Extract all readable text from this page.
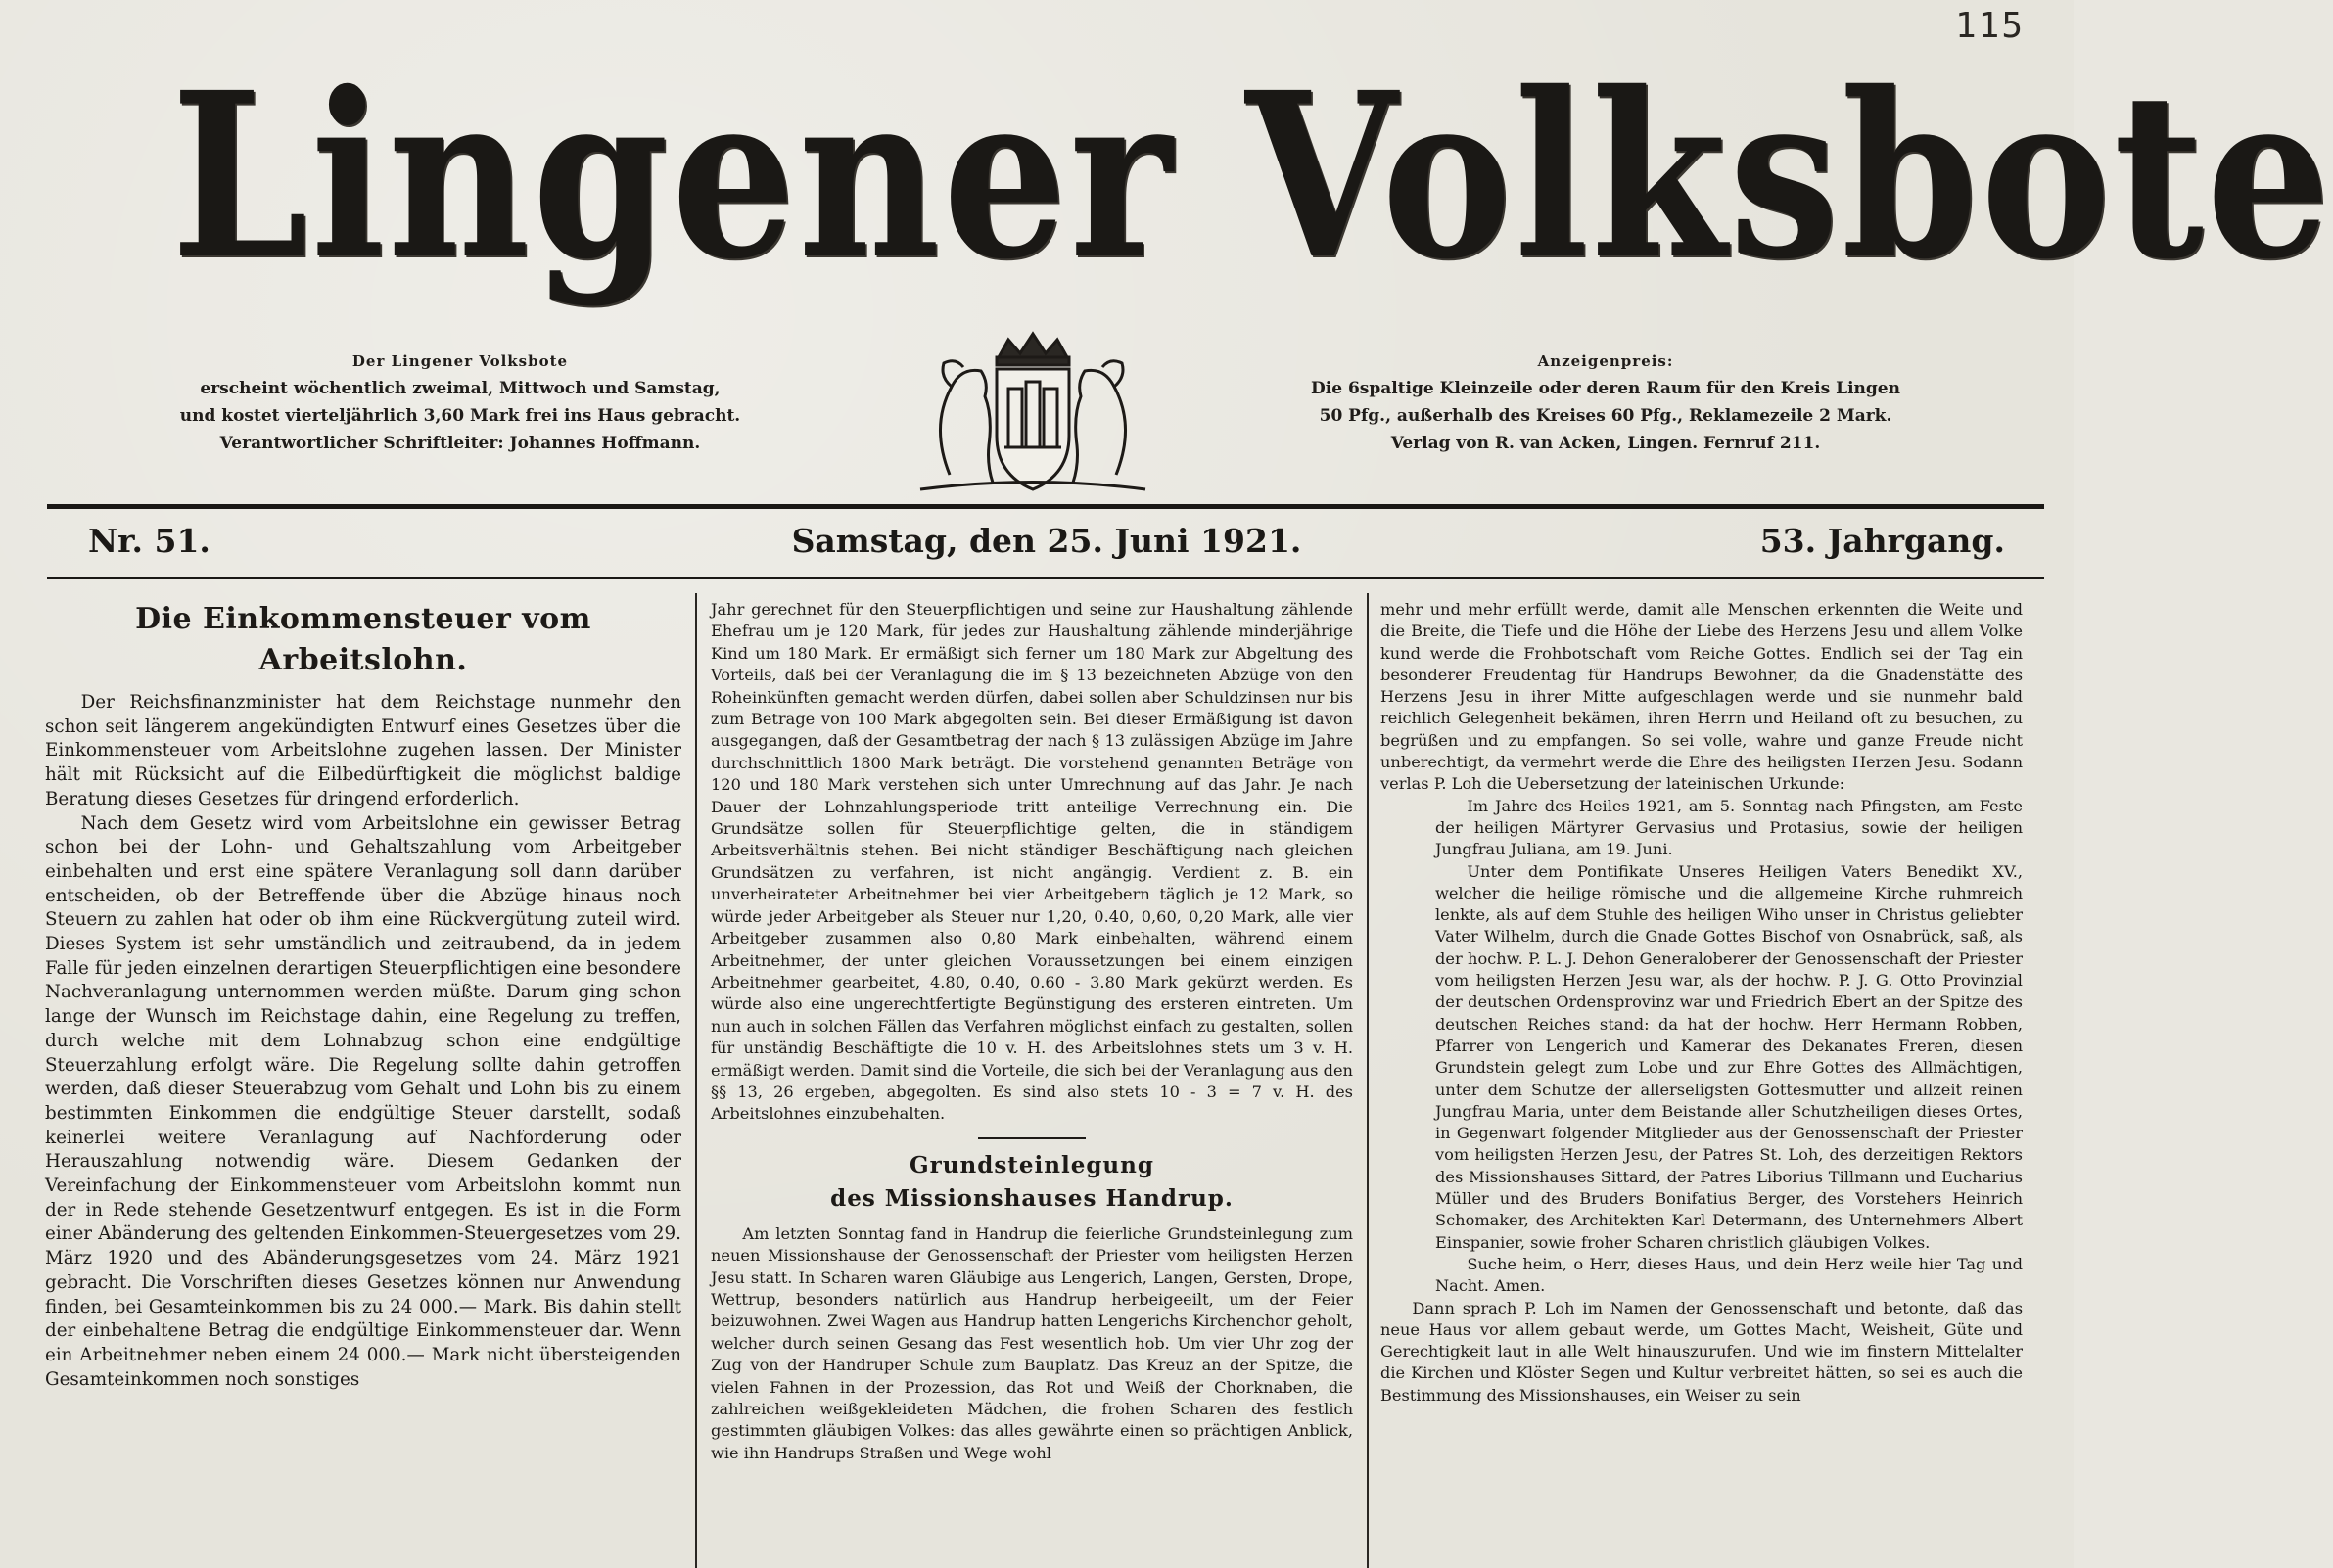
115
Lingener Volksbote
Der Lingener Volksbote
erscheint wöchentlich zweimal, Mittwoch und Samstag,
und kostet vierteljährlich 3,60 Mark frei ins Haus gebracht.
Verantwortlicher Schriftleiter: Johannes Hoffmann.
Anzeigenpreis:
Die 6spaltige Kleinzeile oder deren Raum für den Kreis Lingen
50 Pfg., außerhalb des Kreises 60 Pfg., Reklamezeile 2 Mark.
Verlag von R. van Acken, Lingen. Fernruf 211.
Nr. 51.	Samstag, den 25. Juni 1921.	53. Jahrgang.
Die Einkommensteuer vom Arbeitslohn.

Der Reichsfinanzminister hat dem Reichstage nunmehr den schon seit längerem angekündigten Entwurf eines Gesetzes über die Einkommensteuer vom Arbeitslohne zugehen lassen. Der Minister hält mit Rücksicht auf die Eilbedürftigkeit die möglichst baldige Beratung dieses Gesetzes für dringend erforderlich.

Nach dem Gesetz wird vom Arbeitslohne ein gewisser Betrag schon bei der Lohn- und Gehaltszahlung vom Arbeitgeber einbehalten und erst eine spätere Veranlagung soll dann darüber entscheiden, ob der Betreffende über die Abzüge hinaus noch Steuern zu zahlen hat oder ob ihm eine Rückvergütung zuteil wird. Dieses System ist sehr umständlich und zeitraubend, da in jedem Falle für jeden einzelnen derartigen Steuerpflichtigen eine besondere Nachveranlagung unternommen werden müßte. Darum ging schon lange der Wunsch im Reichstage dahin, eine Regelung zu treffen, durch welche mit dem Lohnabzug schon eine endgültige Steuerzahlung erfolgt wäre. Die Regelung sollte dahin getroffen werden, daß dieser Steuerabzug vom Gehalt und Lohn bis zu einem bestimmten Einkommen die endgültige Steuer darstellt, sodaß keinerlei weitere Veranlagung auf Nachforderung oder Herauszahlung notwendig wäre. Diesem Gedanken der Vereinfachung der Einkommensteuer vom Arbeitslohn kommt nun der in Rede stehende Gesetzentwurf entgegen. Es ist in die Form einer Abänderung des geltenden Einkommen-Steuergesetzes vom 29. März 1920 und des Abänderungsgesetzes vom 24. März 1921 gebracht. Die Vorschriften dieses Gesetzes können nur Anwendung finden, bei Gesamteinkommen bis zu 24 000.— Mark. Bis dahin stellt der einbehaltene Betrag die endgültige Einkommensteuer dar. Wenn ein Arbeitnehmer neben einem 24 000.— Mark nicht übersteigenden Gesamteinkommen noch sonstiges

Jahr gerechnet für den Steuerpflichtigen und seine zur Haushaltung zählende Ehefrau um je 120 Mark, für jedes zur Haushaltung zählende minderjährige Kind um 180 Mark. Er ermäßigt sich ferner um 180 Mark zur Abgeltung des Vorteils, daß bei der Veranlagung die im § 13 bezeichneten Abzüge von den Roheinkünften gemacht werden dürfen, dabei sollen aber Schuldzinsen nur bis zum Betrage von 100 Mark abgegolten sein. Bei dieser Ermäßigung ist davon ausgegangen, daß der Gesamtbetrag der nach § 13 zulässigen Abzüge im Jahre durchschnittlich 1800 Mark beträgt. Die vorstehend genannten Beträge von 120 und 180 Mark verstehen sich unter Umrechnung auf das Jahr. Je nach Dauer der Lohnzahlungsperiode tritt anteilige Verrechnung ein. Die Grundsätze sollen für Steuerpflichtige gelten, die in ständigem Arbeitsverhältnis stehen. Bei nicht ständiger Beschäftigung nach gleichen Grundsätzen zu verfahren, ist nicht angängig. Verdient z. B. ein unverheirateter Arbeitnehmer bei vier Arbeitgebern täglich je 12 Mark, so würde jeder Arbeitgeber als Steuer nur 1,20, 0.40, 0,60, 0,20 Mark, alle vier Arbeitgeber zusammen also 0,80 Mark einbehalten, während einem Arbeitnehmer, der unter gleichen Voraussetzungen bei einem einzigen Arbeitnehmer gearbeitet, 4.80, 0.40, 0.60 - 3.80 Mark gekürzt werden. Es würde also eine ungerechtfertigte Begünstigung des ersteren eintreten. Um nun auch in solchen Fällen das Verfahren möglichst einfach zu gestalten, sollen für unständig Beschäftigte die 10 v. H. des Arbeitslohnes stets um 3 v. H. ermäßigt werden. Damit sind die Vorteile, die sich bei der Veranlagung aus den §§ 13, 26 ergeben, abgegolten. Es sind also stets 10 - 3 = 7 v. H. des Arbeitslohnes einzubehalten.

Grundsteinlegung
des Missionshauses Handrup.

Am letzten Sonntag fand in Handrup die feierliche Grundsteinlegung zum neuen Missionshause der Genossenschaft der Priester vom heiligsten Herzen Jesu statt. In Scharen waren Gläubige aus Lengerich, Langen, Gersten, Drope, Wettrup, besonders natürlich aus Handrup herbeigeeilt, um der Feier beizuwohnen. Zwei Wagen aus Handrup hatten Lengerichs Kirchenchor geholt, welcher durch seinen Gesang das Fest wesentlich hob. Um vier Uhr zog der Zug von der Handruper Schule zum Bauplatz. Das Kreuz an der Spitze, die vielen Fahnen in der Prozession, das Rot und Weiß der Chorknaben, die zahlreichen weißgekleideten Mädchen, die frohen Scharen des festlich gestimmten gläubigen Volkes: das alles gewährte einen so prächtigen Anblick, wie ihn Handrups Straßen und Wege wohl

mehr und mehr erfüllt werde, damit alle Menschen erkennten die Weite und die Breite, die Tiefe und die Höhe der Liebe des Herzens Jesu und allem Volke kund werde die Frohbotschaft vom Reiche Gottes. Endlich sei der Tag ein besonderer Freudentag für Handrups Bewohner, da die Gnadenstätte des Herzens Jesu in ihrer Mitte aufgeschlagen werde und sie nunmehr bald reichlich Gelegenheit bekämen, ihren Herrn und Heiland oft zu besuchen, zu begrüßen und zu empfangen. So sei volle, wahre und ganze Freude nicht unberechtigt, da vermehrt werde die Ehre des heiligsten Herzen Jesu. Sodann verlas P. Loh die Uebersetzung der lateinischen Urkunde:

Im Jahre des Heiles 1921, am 5. Sonntag nach Pfingsten, am Feste der heiligen Märtyrer Gervasius und Protasius, sowie der heiligen Jungfrau Juliana, am 19. Juni.

Unter dem Pontifikate Unseres Heiligen Vaters Benedikt XV., welcher die heilige römische und die allgemeine Kirche ruhmreich lenkte, als auf dem Stuhle des heiligen Wiho unser in Christus geliebter Vater Wilhelm, durch die Gnade Gottes Bischof von Osnabrück, saß, als der hochw. P. L. J. Dehon Generaloberer der Genossenschaft der Priester vom heiligsten Herzen Jesu war, als der hochw. P. J. G. Otto Provinzial der deutschen Ordensprovinz war und Friedrich Ebert an der Spitze des deutschen Reiches stand: da hat der hochw. Herr Hermann Robben, Pfarrer von Lengerich und Kamerar des Dekanates Freren, diesen Grundstein gelegt zum Lobe und zur Ehre Gottes des Allmächtigen, unter dem Schutze der allerseligsten Gottesmutter und allzeit reinen Jungfrau Maria, unter dem Beistande aller Schutzheiligen dieses Ortes, in Gegenwart folgender Mitglieder aus der Genossenschaft der Priester vom heiligsten Herzen Jesu, der Patres St. Loh, des derzeitigen Rektors des Missionshauses Sittard, der Patres Liborius Tillmann und Eucharius Müller und des Bruders Bonifatius Berger, des Vorstehers Heinrich Schomaker, des Architekten Karl Determann, des Unternehmers Albert Einspanier, sowie froher Scharen christlich gläubigen Volkes.

Suche heim, o Herr, dieses Haus, und dein Herz weile hier Tag und Nacht. Amen.

Dann sprach P. Loh im Namen der Genossenschaft und betonte, daß das neue Haus vor allem gebaut werde, um Gottes Macht, Weisheit, Güte und Gerechtigkeit laut in alle Welt hinauszurufen. Und wie im finstern Mittelalter die Kirchen und Klöster Segen und Kultur verbreitet hätten, so sei es auch die Bestimmung des Missionshauses, ein Weiser zu sein
